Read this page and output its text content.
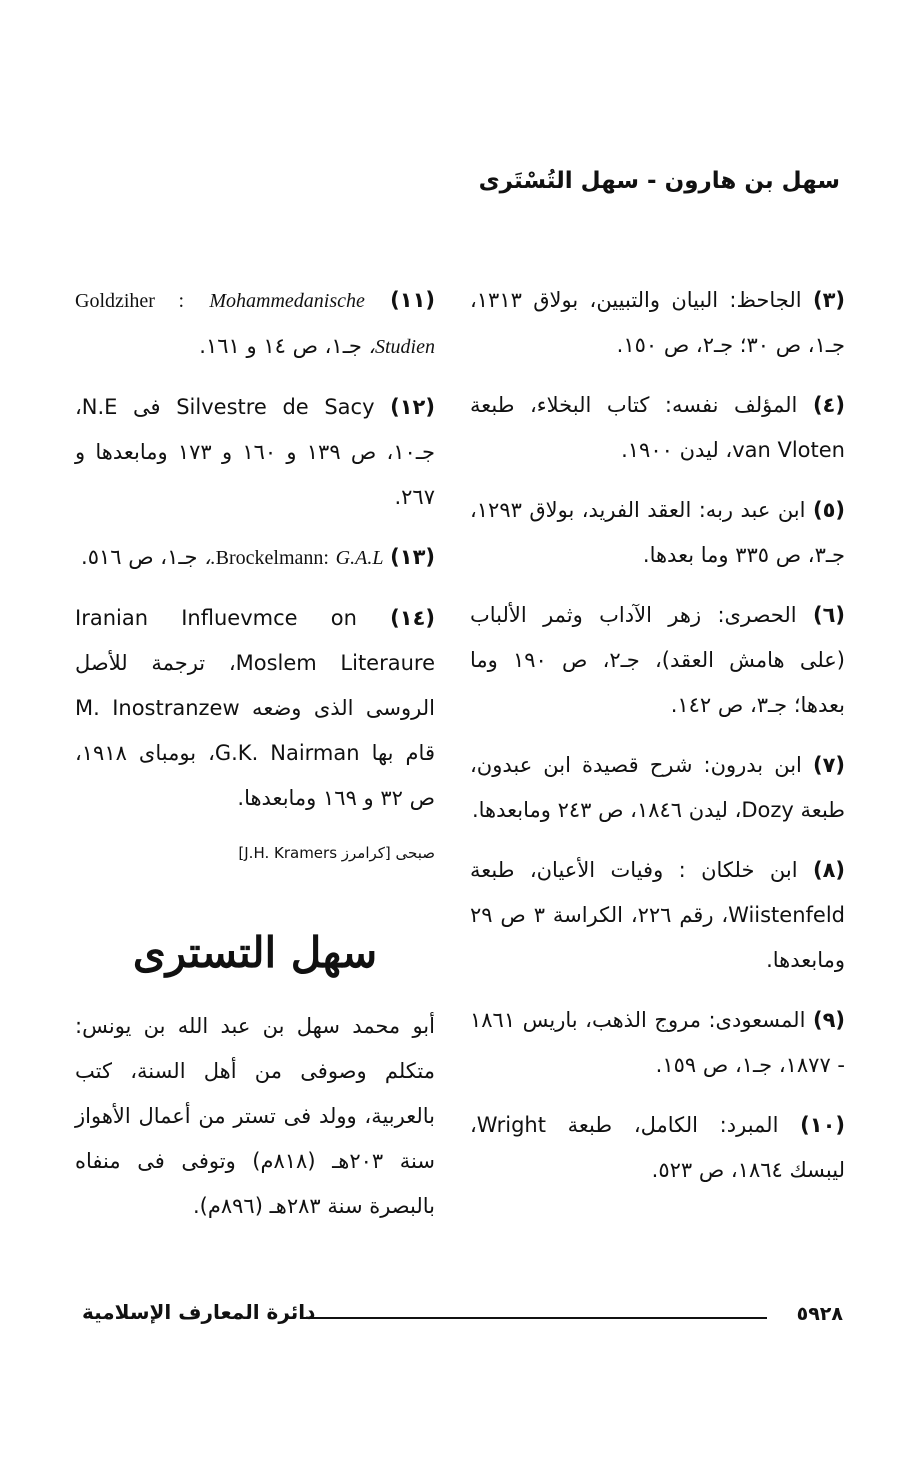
سهل بن هارون - سهل التُسْتَرى

(٣) الجاحظ: البيان والتبيين، بولاق ١٣١٣، جـ١، ص ٣٠؛ جـ٢، ص ١٥٠.

(٤) المؤلف نفسه: كتاب البخلاء، طبعة van Vloten، ليدن ١٩٠٠.

(٥) ابن عبد ربه: العقد الفريد، بولاق ١٢٩٣، جـ٣، ص ٣٣٥ وما بعدها.

(٦) الحصرى: زهر الآداب وثمر الألباب (على هامش العقد)، جـ٢، ص ١٩٠ وما بعدها؛ جـ٣، ص ١٤٢.

(٧) ابن بدرون: شرح قصيدة ابن عبدون، طبعة Dozy، ليدن ١٨٤٦، ص ٢٤٣ ومابعدها.

(٨) ابن خلكان : وفيات الأعيان، طبعة Wiistenfeld، رقم ٢٢٦، الكراسة ٣ ص ٢٩ ومابعدها.

(٩) المسعودى: مروج الذهب، باريس ١٨٦١ - ١٨٧٧، جـ١، ص ١٥٩.

(١٠) المبرد: الكامل، طبعة Wright، ليبسك ١٨٦٤، ص ٥٢٣.

(١١) Goldziher : Mohammedanische Studien، جـ١، ص ١٤ و ١٦١.

(١٢) Silvestre de Sacy فى N.E، جـ١٠، ص ١٣٩ و ١٦٠ و ١٧٣ ومابعدها و ٢٦٧.

(١٣) Brockelmann: G.A.L.، جـ١، ص ٥١٦.

(١٤) Iranian Influevmce on Moslem Literaure، ترجمة للأصل الروسى الذى وضعه M. Inostranzew قام بها G.K. Nairman، بومباى ١٩١٨، ص ٣٢ و ١٦٩ ومابعدها.

صبحى [كرامرز J.H. Kramers]

سهل التسترى

أبو محمد سهل بن عبد الله بن يونس: متكلم وصوفى من أهل السنة، كتب بالعربية، وولد فى تستر من أعمال الأهواز سنة ٢٠٣هـ (٨١٨م) وتوفى فى منفاه بالبصرة سنة ٢٨٣هـ (٨٩٦م).

٥٩٢٨
دائرة المعارف الإسلامية
